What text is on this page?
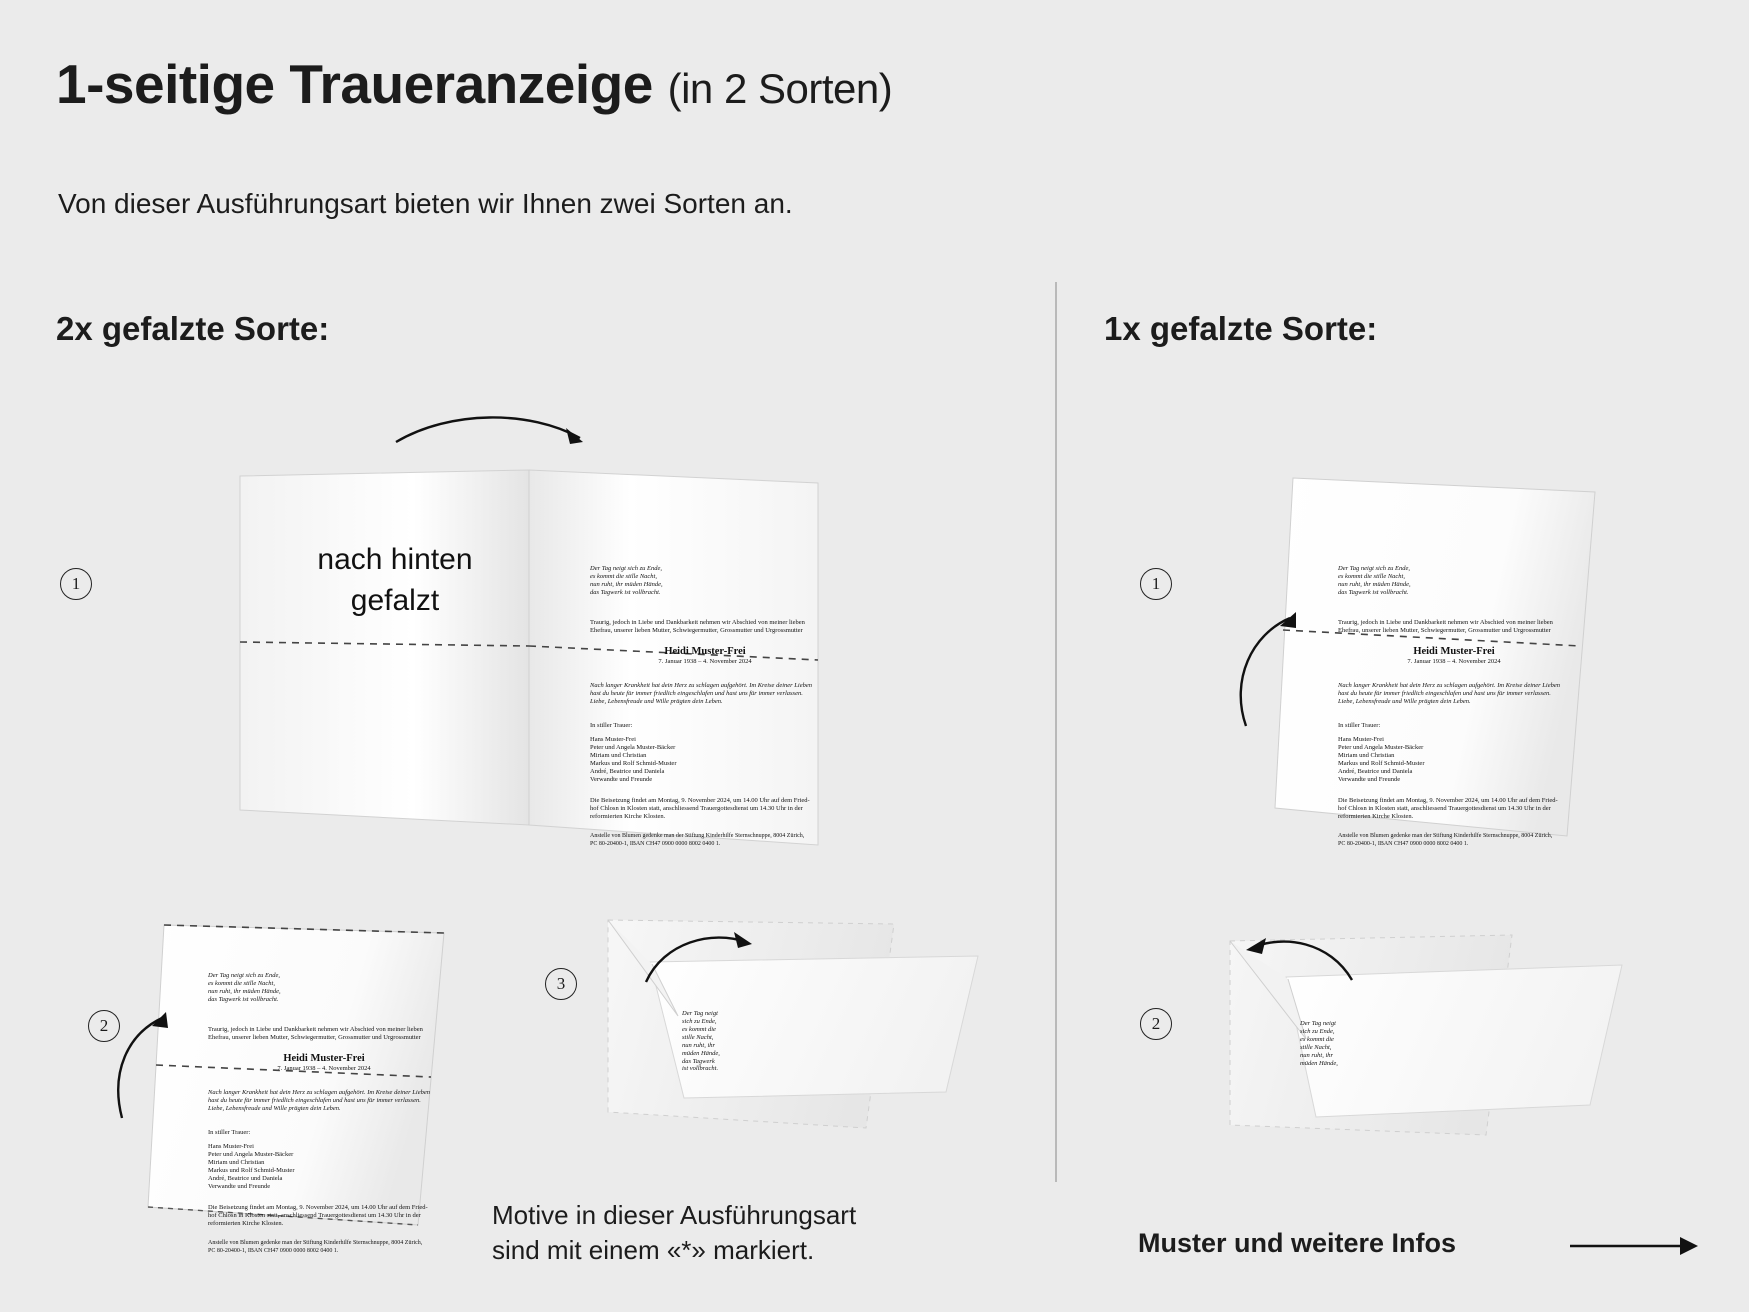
1-seitige Traueranzeige (in 2 Sorten)
Von dieser Ausführungsart bieten wir Ihnen zwei Sorten an.
2x gefalzte Sorte:	1x gefalzte Sorte:
1
nach hinten
gefalzt
Der Tag neigt sich zu Ende,
es kommt die stille Nacht,
nun ruht, ihr müden Hände,
das Tagwerk ist vollbracht.
Traurig, jedoch in Liebe und Dankbarkeit nehmen wir Abschied von meiner lieben
Ehefrau, unserer lieben Mutter, Schwiegermutter, Grossmutter und Urgrossmutter
Heidi Muster-Frei
7. Januar 1938 – 4. November 2024
Nach langer Krankheit hat dein Herz zu schlagen aufgehört. Im Kreise deiner Lieben
hast du heute für immer friedlich eingeschlafen und hast uns für immer verlassen.
Liebe, Lebensfreude und Wille prägten dein Leben.
In stiller Trauer:
Hans Muster-Frei
Peter und Angela Muster-Bäcker
Miriam und Christian
Markus und Rolf Schmid-Muster
André, Beatrice und Daniela
Verwandte und Freunde
Die Beisetzung findet am Montag, 9. November 2024, um 14.00 Uhr auf dem Fried-
hof Chlosn in Klosten statt, anschliessend Trauergottesdienst um 14.30 Uhr in der
reformierten Kirche Klosten.
Anstelle von Blumen gedenke man der Stiftung Kinderhilfe Sternschnuppe, 8004 Zürich,
PC 80-20400-1, IBAN CH47 0900 0000 8002 0400 1.
2
Der Tag neigt sich zu Ende,
es kommt die stille Nacht,
nun ruht, ihr müden Hände,
das Tagwerk ist vollbracht.
Traurig, jedoch in Liebe und Dankbarkeit nehmen wir Abschied von meiner lieben
Ehefrau, unserer lieben Mutter, Schwiegermutter, Grossmutter und Urgrossmutter
Heidi Muster-Frei
7. Januar 1938 – 4. November 2024
Nach langer Krankheit hat dein Herz zu schlagen aufgehört. Im Kreise deiner Lieben
hast du heute für immer friedlich eingeschlafen und hast uns für immer verlassen.
Liebe, Lebensfreude und Wille prägten dein Leben.
In stiller Trauer:
Hans Muster-Frei
Peter und Angela Muster-Bäcker
Miriam und Christian
Markus und Rolf Schmid-Muster
André, Beatrice und Daniela
Verwandte und Freunde
Die Beisetzung findet am Montag, 9. November 2024, um 14.00 Uhr auf dem Fried-
hof Chlosn in Klosten statt, anschliessend Trauergottesdienst um 14.30 Uhr in der
reformierten Kirche Klosten.
Anstelle von Blumen gedenke man der Stiftung Kinderhilfe Sternschnuppe, 8004 Zürich,
PC 80-20400-1, IBAN CH47 0900 0000 8002 0400 1.
3
Der Tag neigt sich zu Ende,
es kommt die stille Nacht,
nun ruht, ihr müden Hände,
das Tagwerk ist vollbracht.
Motive in dieser Ausführungsart
sind mit einem «*» markiert.
1
Der Tag neigt sich zu Ende,
es kommt die stille Nacht,
nun ruht, ihr müden Hände,
das Tagwerk ist vollbracht.
Traurig, jedoch in Liebe und Dankbarkeit nehmen wir Abschied von meiner lieben
Ehefrau, unserer lieben Mutter, Schwiegermutter, Grossmutter und Urgrossmutter
Heidi Muster-Frei
7. Januar 1938 – 4. November 2024
Nach langer Krankheit hat dein Herz zu schlagen aufgehört. Im Kreise deiner Lieben
hast du heute für immer friedlich eingeschlafen und hast uns für immer verlassen.
Liebe, Lebensfreude und Wille prägten dein Leben.
In stiller Trauer:
Hans Muster-Frei
Peter und Angela Muster-Bäcker
Miriam und Christian
Markus und Rolf Schmid-Muster
André, Beatrice und Daniela
Verwandte und Freunde
Die Beisetzung findet am Montag, 9. November 2024, um 14.00 Uhr auf dem Fried-
hof Chlosn in Klosten statt, anschliessend Trauergottesdienst um 14.30 Uhr in der
reformierten Kirche Klosten.
Anstelle von Blumen gedenke man der Stiftung Kinderhilfe Sternschnuppe, 8004 Zürich,
PC 80-20400-1, IBAN CH47 0900 0000 8002 0400 1.
2	Der Tag neigt sich zu Ende,
es kommt die stille Nacht,
nun ruht, ihr müden Hände,
Muster und weitere Infos
